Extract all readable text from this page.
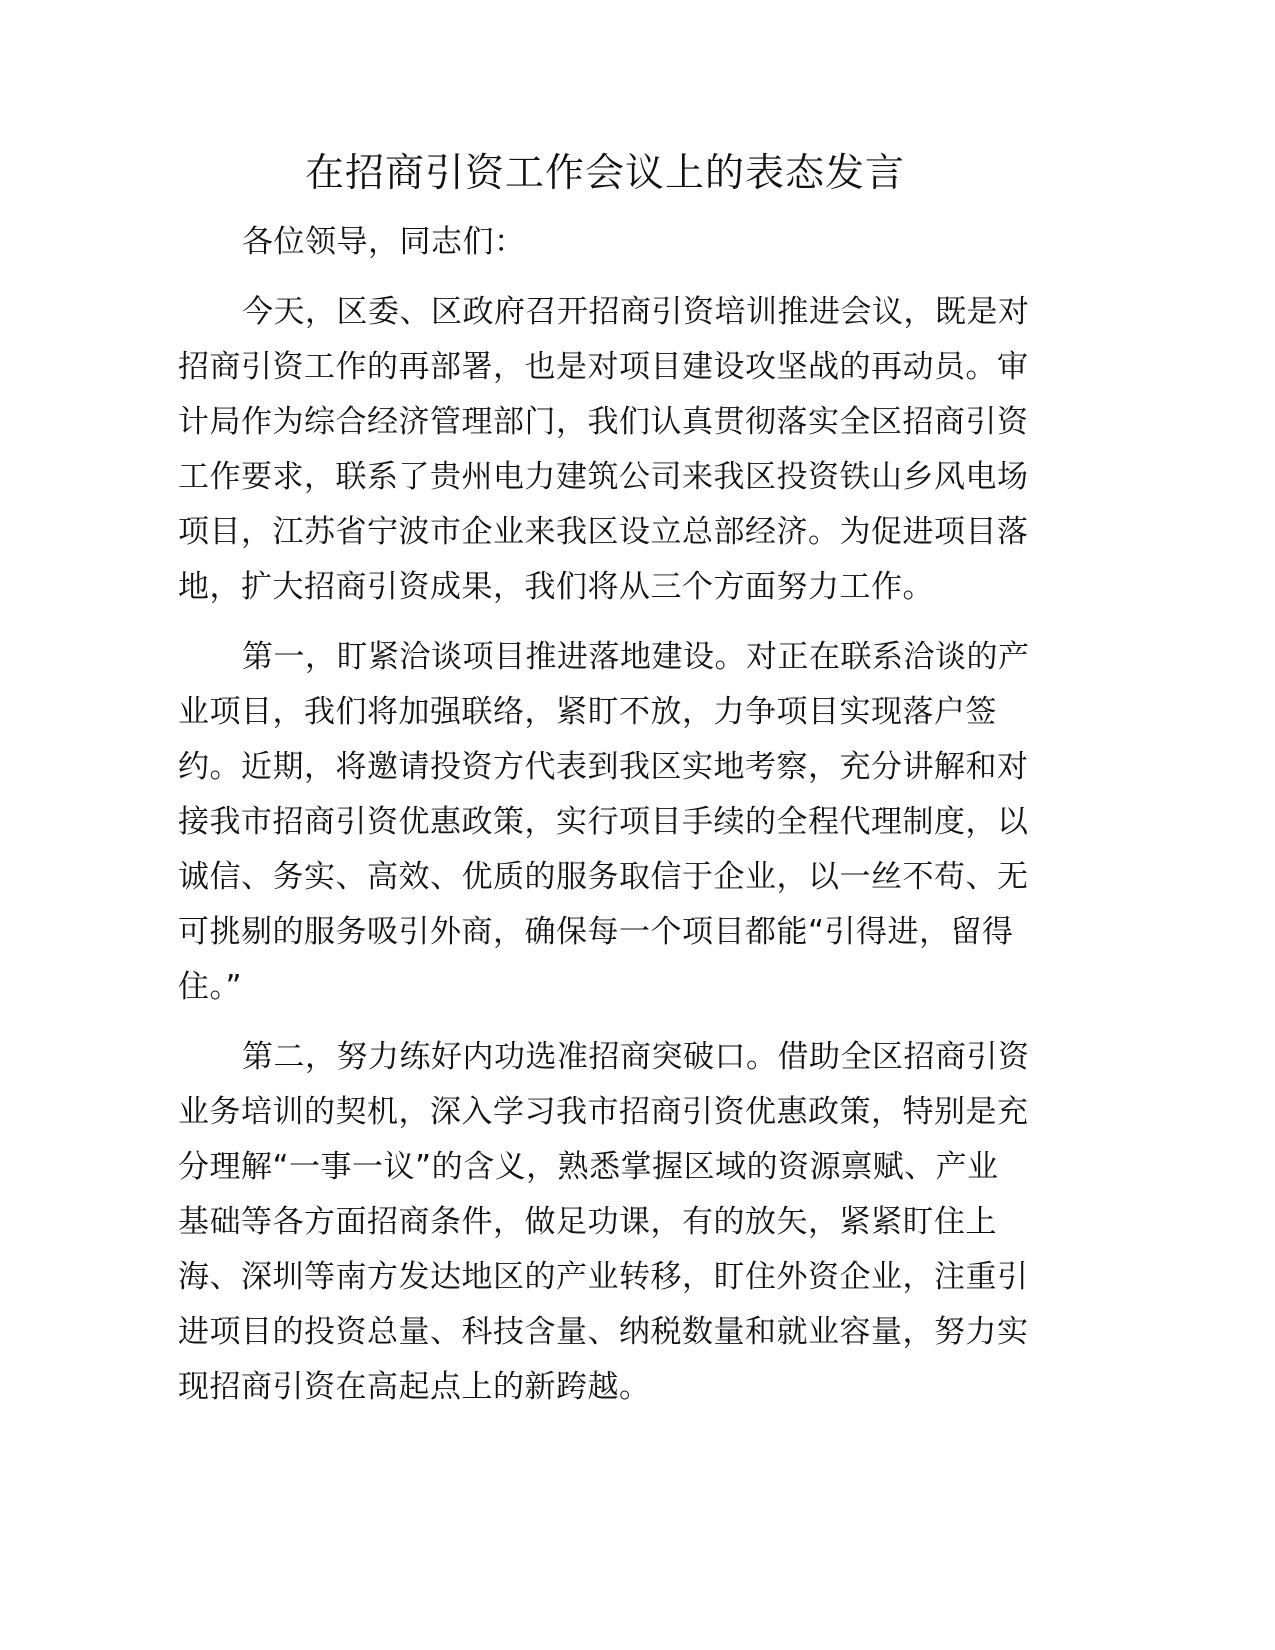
在招商引资工作会议上的表态发言
各位领导，同志们：
今天，区委、区政府召开招商引资培训推进会议，既是对
招商引资工作的再部署，也是对项目建设攻坚战的再动员。审
计局作为综合经济管理部门，我们认真贯彻落实全区招商引资
工作要求，联系了贵州电力建筑公司来我区投资铁山乡风电场
项目，江苏省宁波市企业来我区设立总部经济。为促进项目落
地，扩大招商引资成果，我们将从三个方面努力工作。
第一，盯紧洽谈项目推进落地建设。对正在联系洽谈的产
业项目，我们将加强联络，紧盯不放，力争项目实现落户签
约。近期，将邀请投资方代表到我区实地考察，充分讲解和对
接我市招商引资优惠政策，实行项目手续的全程代理制度，以
诚信、务实、高效、优质的服务取信于企业，以一丝不苟、无
可挑剔的服务吸引外商，确保每一个项目都能“引得进，留得
住。”
第二，努力练好内功选准招商突破口。借助全区招商引资
业务培训的契机，深入学习我市招商引资优惠政策，特别是充
分理解“一事一议”的含义，熟悉掌握区域的资源禀赋、产业
基础等各方面招商条件，做足功课，有的放矢，紧紧盯住上
海、深圳等南方发达地区的产业转移，盯住外资企业，注重引
进项目的投资总量、科技含量、纳税数量和就业容量，努力实
现招商引资在高起点上的新跨越。
